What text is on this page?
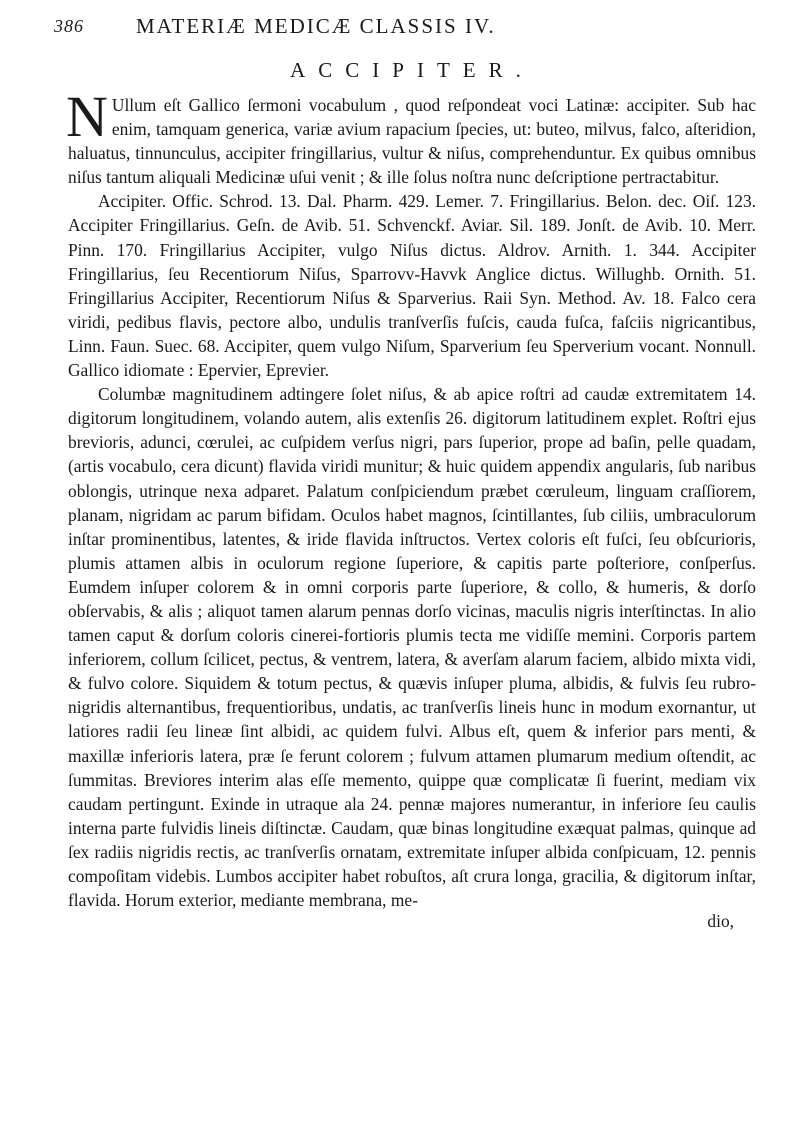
386 MATERIÆ MEDICÆ CLASSIS IV.
ACCIPITER.

N Ullum eſt Gallico ſermoni vocabulum , quod reſpondeat voci Latinæ: accipiter. Sub hac enim, tamquam generica, variæ avium rapacium ſpecies, ut: buteo, milvus, falco, aſteridion, haluatus, tinnunculus, accipiter fringillarius, vultur & niſus, comprehenduntur. Ex quibus omnibus niſus tantum aliquali Medicinæ uſui venit ; & ille ſolus noſtra nunc deſcriptione pertractabitur.

Accipiter. Offic. Schrod. 13. Dal. Pharm. 429. Lemer. 7. Fringillarius. Belon. dec. Oiſ. 123. Accipiter Fringillarius. Geſn. de Avib. 51. Schvenckf. Aviar. Sil. 189. Jonſt. de Avib. 10. Merr. Pinn. 170. Fringillarius Accipiter, vulgo Niſus dictus. Aldrov. Arnith. 1. 344. Accipiter Fringillarius, ſeu Recentiorum Niſus, Sparrovv-Havvk Anglice dictus. Willughb. Ornith. 51. Fringillarius Accipiter, Recentiorum Niſus & Sparverius. Raii Syn. Method. Av. 18. Falco cera viridi, pedibus flavis, pectore albo, undulis tranſverſis fuſcis, cauda fuſca, faſciis nigricantibus, Linn. Faun. Suec. 68. Accipiter, quem vulgo Niſum, Sparverium ſeu Sperverium vocant. Nonnull. Gallico idiomate : Epervier, Eprevier.

Columbæ magnitudinem adtingere ſolet niſus, & ab apice roſtri ad caudæ extremitatem 14. digitorum longitudinem, volando autem, alis extenſis 26. digitorum latitudinem explet. Roſtri ejus brevioris, adunci, cœrulei, ac cuſpidem verſus nigri, pars ſuperior, prope ad baſin, pelle quadam, (artis vocabulo, cera dicunt) flavida viridi munitur; & huic quidem appendix angularis, ſub naribus oblongis, utrinque nexa adparet. Palatum conſpiciendum præbet cœruleum, linguam craſſiorem, planam, nigridam ac parum bifidam. Oculos habet magnos, ſcintillantes, ſub ciliis, umbraculorum inſtar prominentibus, latentes, & iride flavida inſtructos. Vertex coloris eſt fuſci, ſeu obſcurioris, plumis attamen albis in oculorum regione ſuperiore, & capitis parte poſteriore, conſperſus. Eumdem inſuper colorem & in omni corporis parte ſuperiore, & collo, & humeris, & dorſo obſervabis, & alis ; aliquot tamen alarum pennas dorſo vicinas, maculis nigris interſtinctas. In alio tamen caput & dorſum coloris cinerei-fortioris plumis tecta me vidiſſe memini. Corporis partem inferiorem, collum ſcilicet, pectus, & ventrem, latera, & averſam alarum faciem, albido mixta vidi, & fulvo colore. Siquidem & totum pectus, & quævis inſuper pluma, albidis, & fulvis ſeu rubro-nigridis alternantibus, frequentioribus, undatis, ac tranſverſis lineis hunc in modum exornantur, ut latiores radii ſeu lineæ ſint albidi, ac quidem fulvi. Albus eſt, quem & inferior pars menti, & maxillæ inferioris latera, præ ſe ferunt colorem ; fulvum attamen plumarum medium oſtendit, ac ſummitas. Breviores interim alas eſſe memento, quippe quæ complicatæ ſi fuerint, mediam vix caudam pertingunt. Exinde in utraque ala 24. pennæ majores numerantur, in inferiore ſeu caulis interna parte fulvidis lineis diſtinctæ. Caudam, quæ binas longitudine exæquat palmas, quinque ad ſex radiis nigridis rectis, ac tranſverſis ornatam, extremitate inſuper albida conſpicuam, 12. pennis compoſitam videbis. Lumbos accipiter habet robuſtos, aſt crura longa, gracilia, & digitorum inſtar, flavida. Horum exterior, mediante membrana, me-

dio,
